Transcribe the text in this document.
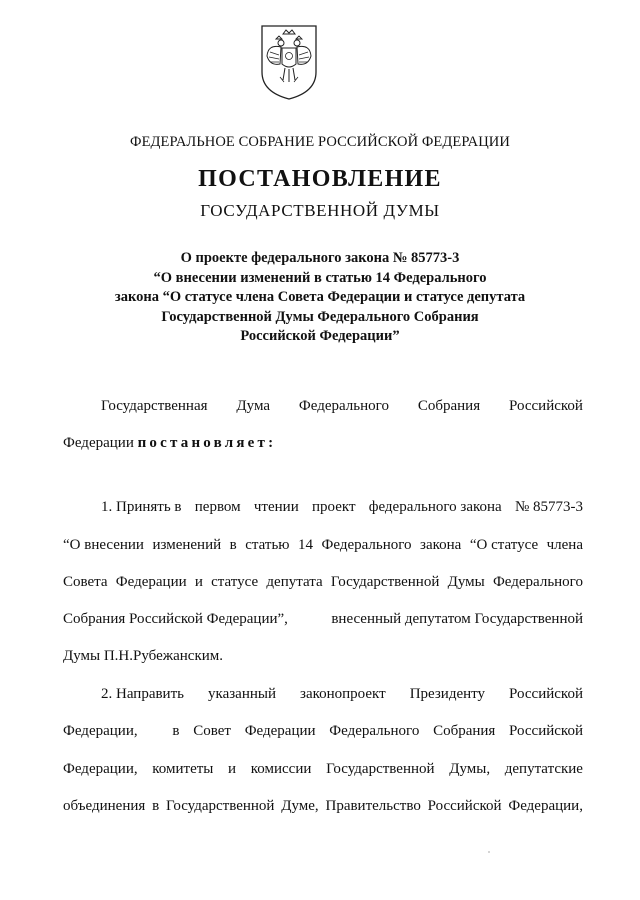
ФЕДЕРАЛЬНОЕ СОБРАНИЕ РОССИЙСКОЙ ФЕДЕРАЦИИ
ПОСТАНОВЛЕНИЕ
ГОСУДАРСТВЕННОЙ ДУМЫ
О проекте федерального закона № 85773-3
“О внесении изменений в статью 14 Федерального
закона “О статусе члена Совета Федерации и статусе депутата
Государственной Думы Федерального Собрания
Российской Федерации”
Государственная Дума Федерального Собрания Российской
Федерации постановляет:
1. Принять в первом чтении проект федерального закона № 85773-3
“О внесении изменений в статью 14 Федерального закона “О статусе члена
Совета Федерации и статусе депутата Государственной Думы Федерального
Собрания Российской Федерации”,	внесенный депутатом Государственной
Думы П.Н.Рубежанским.
2. Направить указанный законопроект Президенту Российской
Федерации, в Совет Федерации Федерального Собрания Российской
Федерации, комитеты и комиссии Государственной Думы, депутатские
объединения в Государственной Думе, Правительство Российской Федерации,
